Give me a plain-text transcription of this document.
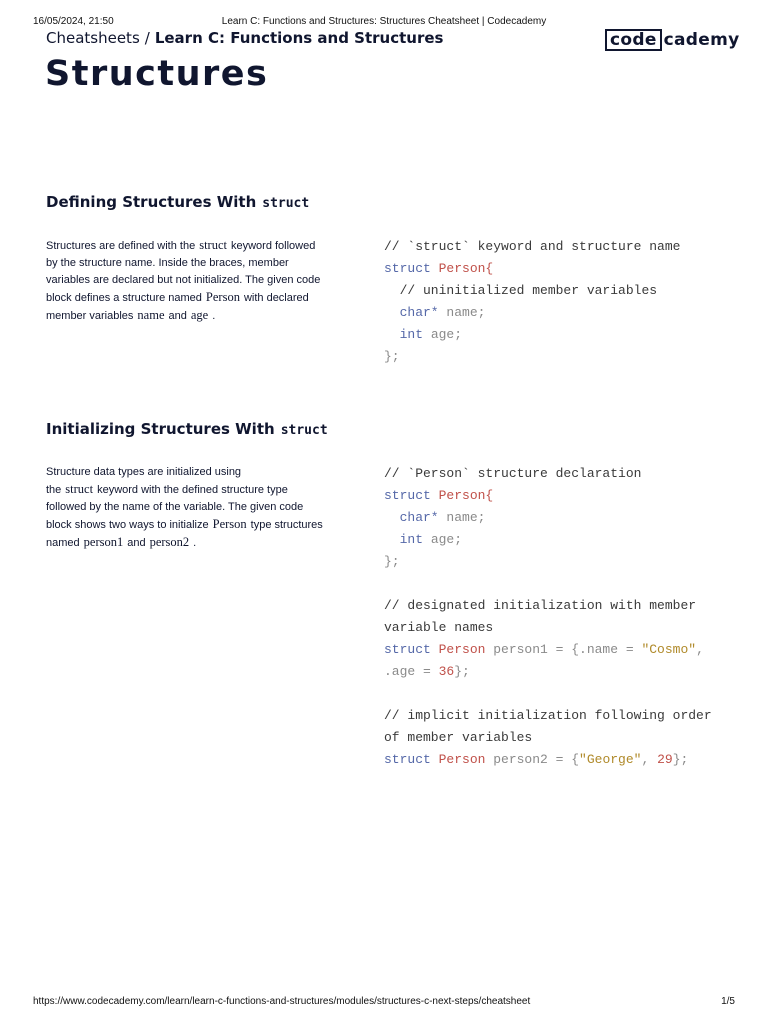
16/05/2024, 21:50	Learn C: Functions and Structures: Structures Cheatsheet | Codecademy
Cheatsheets / Learn C: Functions and Structures	code cademy
Structures
Defining Structures With struct

Structures are defined with the struct keyword followed by the structure name. Inside the braces, member variables are declared but not initialized. The given code block defines a structure named Person with declared member variables name and age .

// `struct` keyword and structure name
struct Person{
// uninitialized member variables
char* name;
int age;
};
Initializing Structures With struct

Structure data types are initialized using the struct keyword with the defined structure type followed by the name of the variable. The given code block shows two ways to initialize Person type structures named person1 and person2 .

// `Person` structure declaration
struct Person{
char* name;
int age;
};
// designated initialization with member
variable names
struct Person person1 = {.name = "Cosmo",
.age = 36};
// implicit initialization following order
of member variables
struct Person person2 = {"George", 29};
https://www.codecademy.com/learn/learn-c-functions-and-structures/modules/structures-c-next-steps/cheatsheet	1/5
